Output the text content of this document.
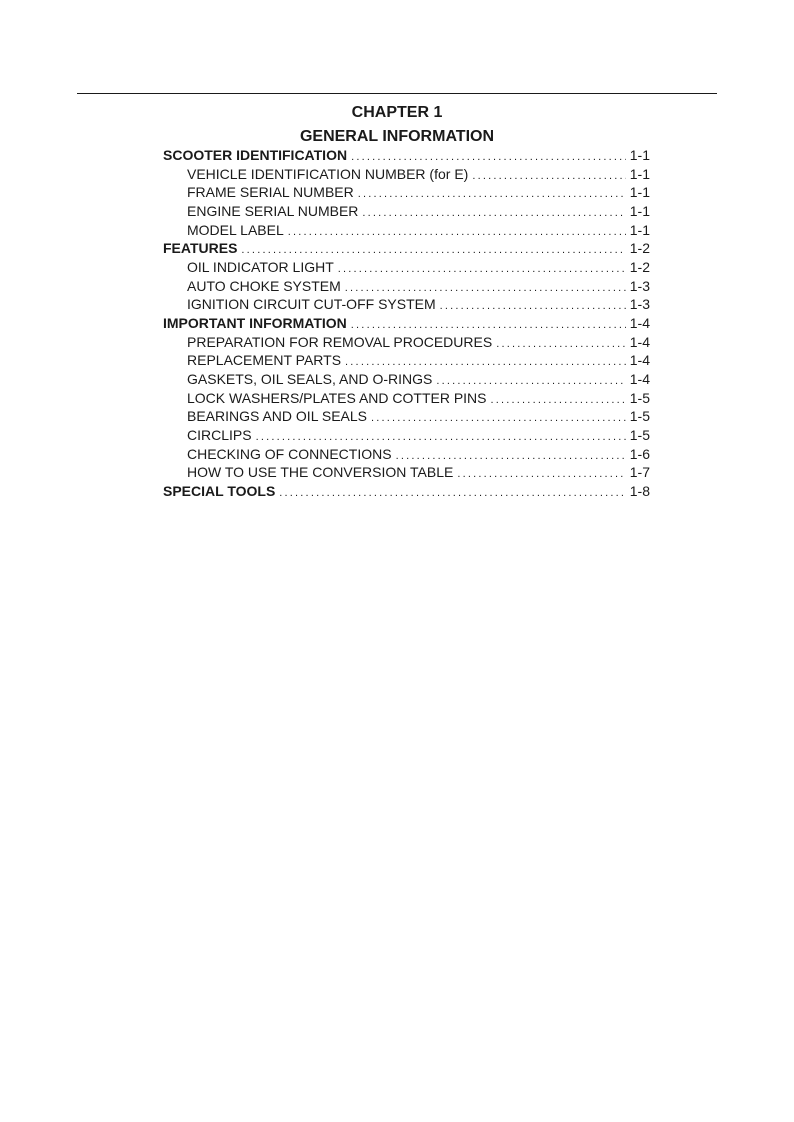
CHAPTER 1
GENERAL INFORMATION
SCOOTER IDENTIFICATION .....	1-1
VEHICLE IDENTIFICATION NUMBER (for E) .....	1-1
FRAME SERIAL NUMBER .....	1-1
ENGINE SERIAL NUMBER .....	1-1
MODEL LABEL .....	1-1
FEATURES .....	1-2
OIL INDICATOR LIGHT .....	1-2
AUTO CHOKE SYSTEM .....	1-3
IGNITION CIRCUIT CUT-OFF SYSTEM .....	1-3
IMPORTANT INFORMATION .....	1-4
PREPARATION FOR REMOVAL PROCEDURES .....	1-4
REPLACEMENT PARTS .....	1-4
GASKETS, OIL SEALS, AND O-RINGS .....	1-4
LOCK WASHERS/PLATES AND COTTER PINS .....	1-5
BEARINGS AND OIL SEALS .....	1-5
CIRCLIPS .....	1-5
CHECKING OF CONNECTIONS .....	1-6
HOW TO USE THE CONVERSION TABLE .....	1-7
SPECIAL TOOLS .....	1-8
